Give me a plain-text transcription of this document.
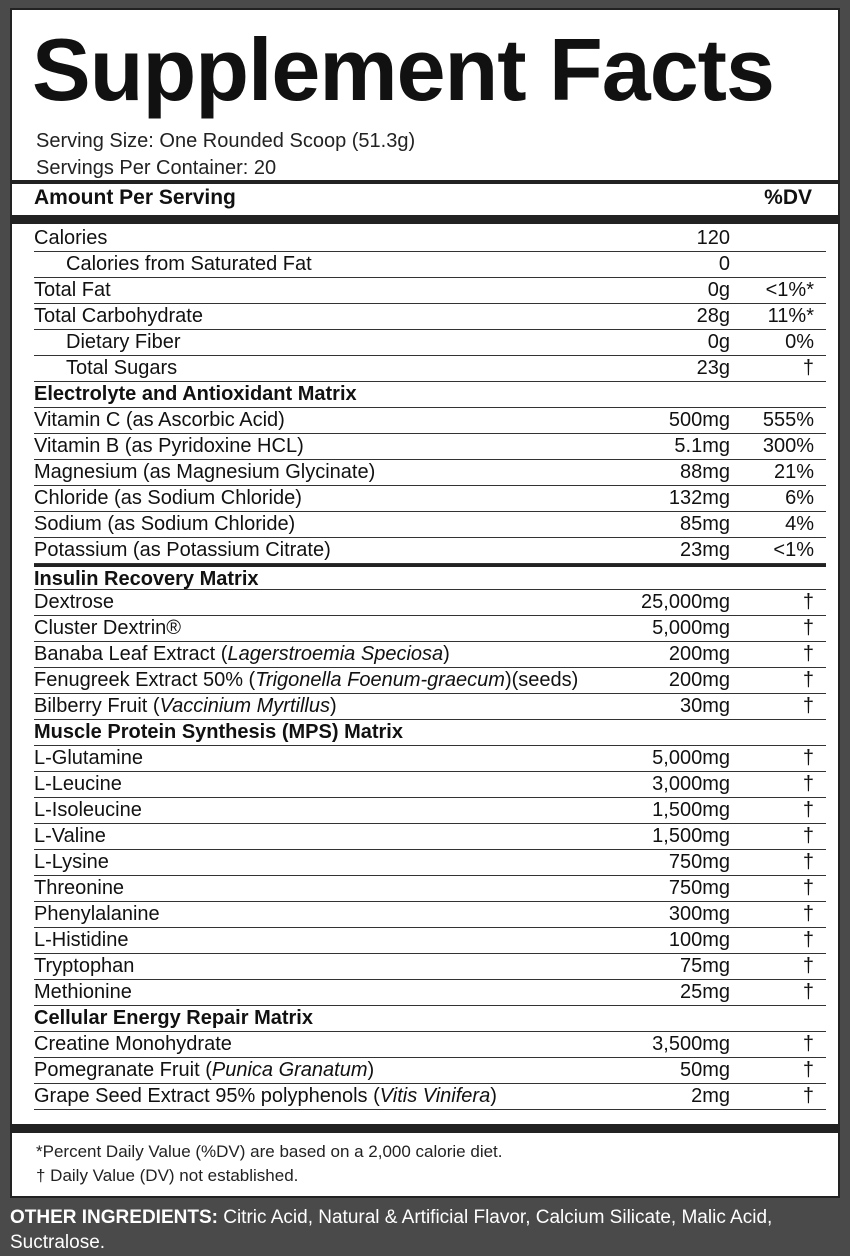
Supplement Facts
Serving Size: One Rounded Scoop (51.3g)
Servings Per Container: 20
Amount Per Serving	%DV
Calories	120
Calories from Saturated Fat	0
Total Fat	0g <1%*
Total Carbohydrate	28g 11%*
Dietary Fiber	0g	0%
Total Sugars	23g	†
Electrolyte and Antioxidant Matrix
Vitamin C (as Ascorbic Acid)	500mg 555%
Vitamin B (as Pyridoxine HCL)	5.1mg 300%
Magnesium (as Magnesium Glycinate)	88mg 21%
Chloride (as Sodium Chloride)	132mg	6%
Sodium (as Sodium Chloride)	85mg	4%
Potassium (as Potassium Citrate)	23mg <1%
Insulin Recovery Matrix
Dextrose	25,000mg	†
Cluster Dextrin®	5,000mg	†
Banaba Leaf Extract (Lagerstroemia Speciosa)	200mg	†
Fenugreek Extract 50% (Trigonella Foenum-graecum)(seeds)	200mg	†
Bilberry Fruit (Vaccinium Myrtillus)	30mg	†
Muscle Protein Synthesis (MPS) Matrix
L-Glutamine	5,000mg	†
L-Leucine	3,000mg	†
L-Isoleucine	1,500mg	†
L-Valine	1,500mg	†
L-Lysine	750mg	†
Threonine	750mg	†
Phenylalanine	300mg	†
L-Histidine	100mg	†
Tryptophan	75mg	†
Methionine	25mg	†
Cellular Energy Repair Matrix
Creatine Monohydrate	3,500mg	†
Pomegranate Fruit (Punica Granatum)	50mg	†
Grape Seed Extract 95% polyphenols (Vitis Vinifera)	2mg	†
*Percent Daily Value (%DV) are based on a 2,000 calorie diet.
† Daily Value (DV) not established.
OTHER INGREDIENTS: Citric Acid, Natural & Artificial Flavor, Calcium Silicate, Malic Acid, Suctralose.
